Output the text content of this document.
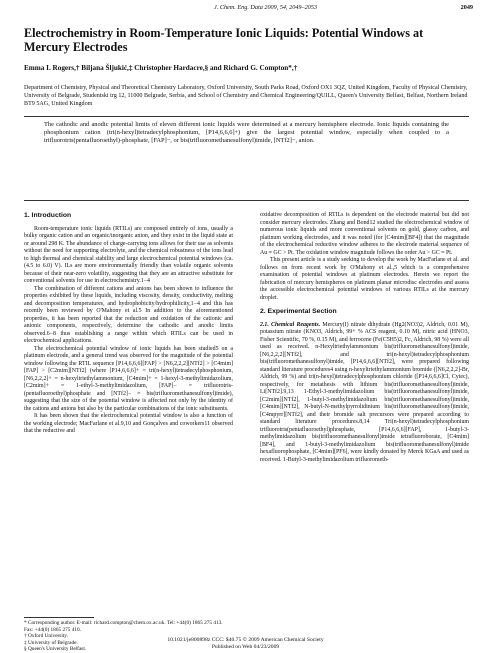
J. Chem. Eng. Data 2009, 54, 2049–2053	2049
Electrochemistry in Room-Temperature Ionic Liquids: Potential Windows at Mercury Electrodes
Emma I. Rogers,† Biljana Šljukić,‡ Christopher Hardacre,§ and Richard G. Compton*,†
Department of Chemistry, Physical and Theoretical Chemistry Laboratory, Oxford University, South Parks Road, Oxford OX1 3QZ, United Kingdom, Faculty of Physical Chemistry, University of Belgrade, Studentski trg 12, 11000 Belgrade, Serbia, and School of Chemistry and Chemical Engineering/QUILL, Queen's University Belfast, Belfast, Northern Ireland BT9 5AG, United Kingdom
The cathodic and anodic potential limits of eleven different ionic liquids were determined at a mercury hemisphere electrode. Ionic liquids containing the phosphonium cation (tri(n-hexyl)tetradecylphosphonium, [P14,6,6,6]+) give the largest potential window, especially when coupled to a trifluorotris(pentafluoroethyl)-phosphate, [FAP]−, or bis(trifluoromethanesulfonyl)imide, [NTf2]−, anion.
1. Introduction

Room-temperature ionic liquids (RTILs) are composed entirely of ions, usually a bulky organic cation and an organic/inorganic anion, and they exist in the liquid state at or around 298 K. The abundance of charge-carrying ions allows for their use as solvents without the need for supporting electrolyte, and the chemical robustness of the ions lead to high thermal and chemical stability and large electrochemical potential windows (ca. (4.5 to 6.0) V). ILs are more environmentally friendly than volatile organic solvents because of their near-zero volatility, suggesting that they are an attractive substitute for conventional solvents for use in electrochemistry.1−4

The combination of different cations and anions has been shown to influence the properties exhibited by these liquids, including viscosity, density, conductivity, melting and decomposition temperatures, and hydrophobicity/hydrophilicity,1−4 and this has recently been reviewed by O'Mahony et al.5 In addition to the aforementioned properties, it has been reported that the reduction and oxidation of the cationic and anionic components, respectively, determine the cathodic and anodic limits observed.6−8 thus establishing a range within which RTILs can be used in electrochemical applications.

The electrochemical potential window of ionic liquids has been studied5 on a platinum electrode, and a general trend was observed for the magnitude of the potential window following the RTIL sequence [P14,6,6,6][FAP] > [N6,2,2,2][NTf2] > [C4mim][FAP] > [C2mim][NTf2] (where [P14,6,6,6]+ = tri(n-hexyl)tetradecylphosphonium, [N6,2,2,2]+ = n-hexyltriethylammonium, [C4mim]+ = 1-hexyl-3-methylimidazolium, [C2mim]+ = 1-ethyl-3-methylimidazolium, [FAP]− = trifluorotris-(pentafluoroethyl)phosphate and [NTf2]− = bis(trifluoromethanesulfonyl)imide), suggesting that the size of the potential window is affected not only by the identity of the cations and anions but also by the particular combinations of the ionic substituents.

It has been shown that the electrochemical potential window is also a function of the working electrode; MacFarlane et al.9,10 and Gonçalves and coworkers11 observed that the reductive and

oxidative decomposition of RTILs is dependent on the electrode material but did not consider mercury electrodes. Zhang and Bond12 studied the electrochemical window of numerous ionic liquids and more conventional solvents on gold, glassy carbon, and platinum working electrodes, and it was noted (for [C4mim][BF4]) that the magnitude of the electrochemical reductive window adheres to the electrode material sequence of Au ≈ GC > Pt. The oxidation window magnitude follows the order Au > GC ≈ Pt.

This present article is a study seeking to develop the work by MacFarlane et al. and follows on from recent work by O'Mahony et al.,5 which is a comprehensive examination of potential windows at platinum electrodes. Herein we report the fabrication of mercury hemispheres on platinum planar microdisc electrodes and assess the accessible electrochemical potential windows of various RTILs at the mercury droplet.

2. Experimental Section

2.1. Chemical Reagents. Mercury(I) nitrate dihydrate (Hg2(NO3)2, Aldrich, 0.01 M), potassium nitrate (KNO3, Aldrich, 99+ % ACS reagent, 0.10 M), nitric acid (HNO3, Fisher Scientific, 70 %, 0.15 M), and ferrocene (Fe(C5H5)2, Fc, Aldrich, 98 %) were all used as received. n-Hexyltriethylammonium bis(trifluoromethanesulfonyl)imide, [N6,2,2,2][NTf2], and tri(n-hexyl)tetradecylphosphonium bis(trifluoromethanesulfonyl)imide, [P14,6,6,6][NTf2], were prepared following standard literature procedures4 using n-hexyltriethylammonium bromide ([N6,2,2,2]-Br, Aldrich, 99 %) and tri(n-hexyl)tetradecylphosphonium chloride ([P14,6,6,6]Cl, Cytec), respectively, for metathesis with lithium bis(trifluoromethanesulfonyl)imide, Li[NTf2].9,13 1-Ethyl-3-methylimidazolium bis(trifluoromethanesulfonyl)imide, [C2mim][NTf2], 1-butyl-3-methylimidazolium bis(trifluoromethanesulfonyl)imide, [C4mim][NTf2], N-butyl-N-methylpyrrolidinium bis(trifluoromethanesulfonyl)imide, [C4mpyrr][NTf2], and their bromide salt precursors were prepared according to standard literature procedures.8,14 Tri(n-hexyl)tetradecylphosphonium trifluorotris(pentafluoroethyl)phosphate, [P14,6,6,6][FAP], 1-butyl-3-methylimidazolium bis(trifluoromethanesulfonyl)imide tetrafluoroborate, [C4mim][BF4], and 1-butyl-3-methylimidazolium bis(trifluoromethanesulfonyl)imide hexafluorophosphate, [C4mim][PF6], were kindly donated by Merck KGaA and used as received. 1-Butyl-3-methylimidazolium trifluorometh-

* Corresponding author. E-mail: richard.compton@chem.ox.ac.uk. Tel: +44(0) 1865 275 413. Fax: +44(0) 1865 275 410.
† Oxford University.
‡ University of Belgrade.
§ Queen's University Belfast.
10.1021/je800898z CCC: $40.75 © 2009 American Chemical Society
Published on Web 04/23/2009
